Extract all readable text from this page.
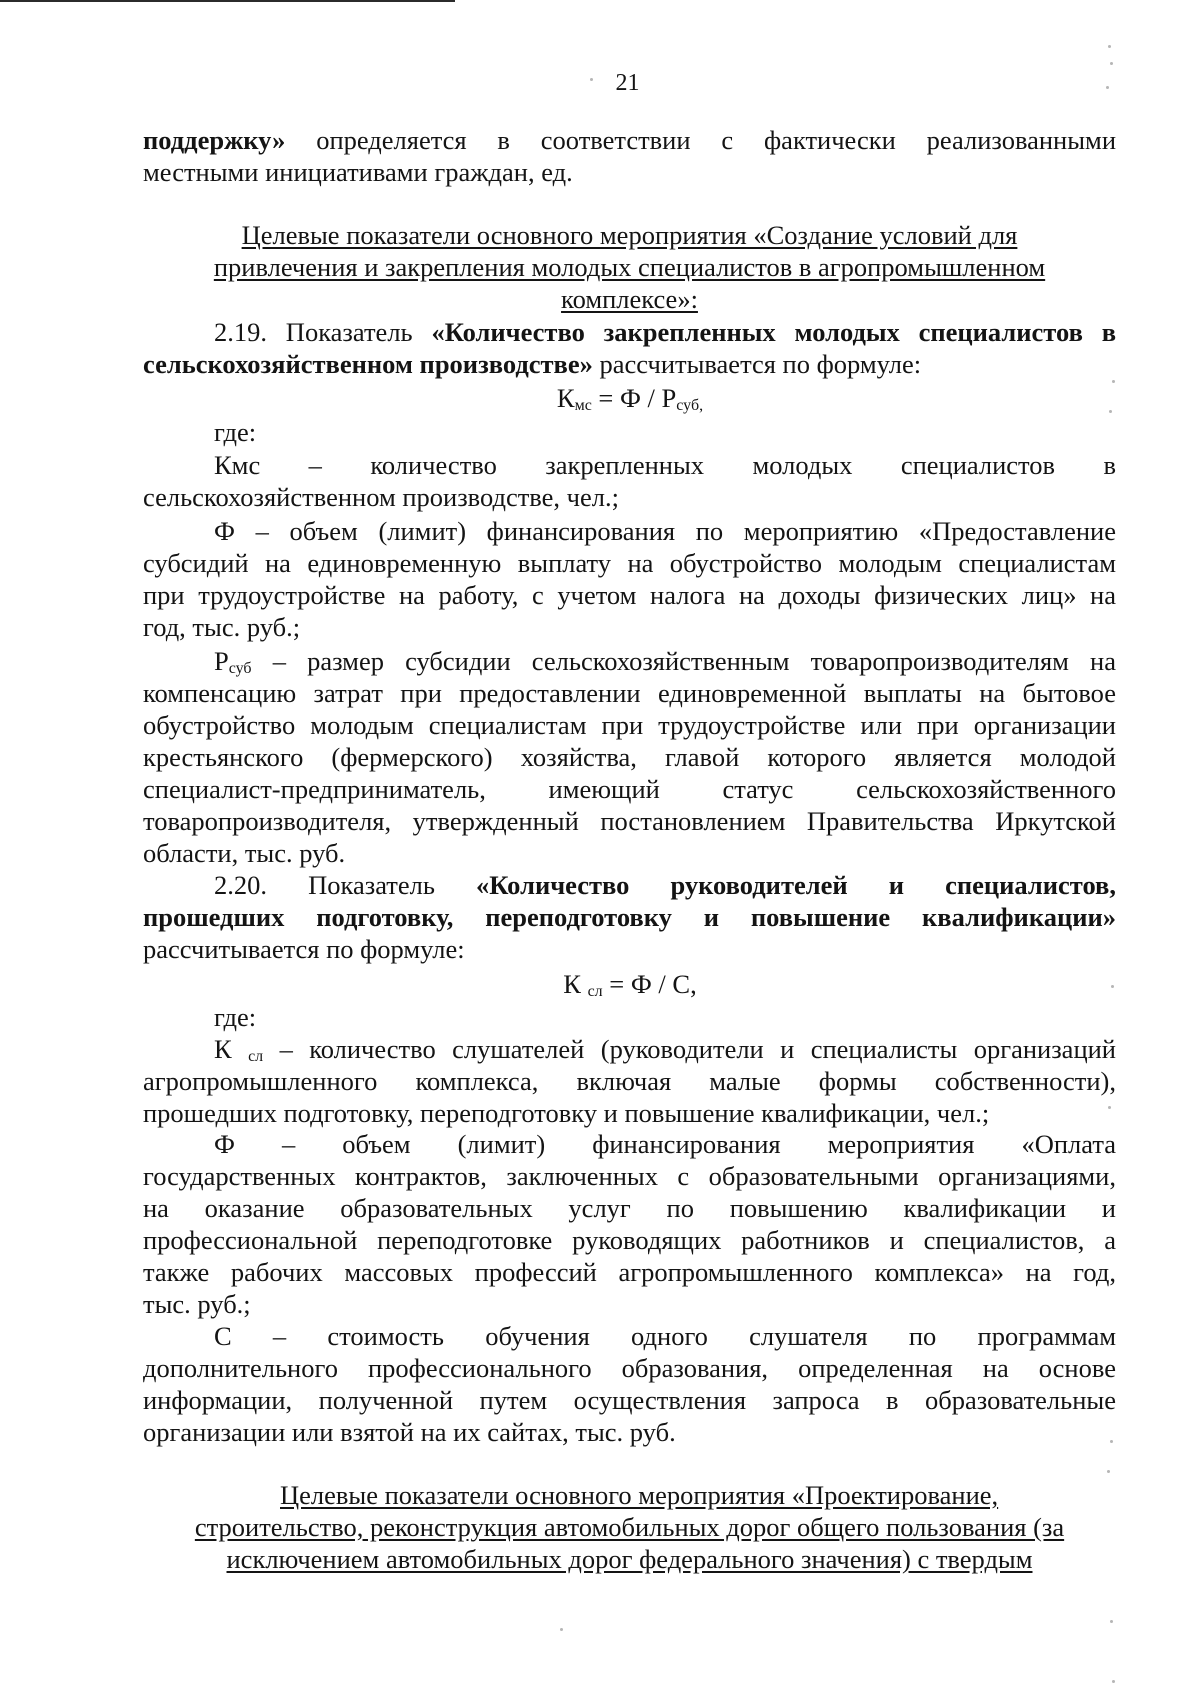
21
поддержку» определяется в соответствии с фактически реализованными
местными инициативами граждан, ед.
Целевые показатели основного мероприятия «Создание условий для
привлечения и закрепления молодых специалистов в агропромышленном
комплексе»:
2.19. Показатель «Количество закрепленных молодых специалистов в
сельскохозяйственном производстве» рассчитывается по формуле:
$К_{мс} = Ф / Р_{суб,}$
где:
Кмс – количество закрепленных молодых специалистов в
сельскохозяйственном производстве, чел.;
Ф – объем (лимит) финансирования по мероприятию «Предоставление
субсидий на единовременную выплату на обустройство молодым специалистам
при трудоустройстве на работу, с учетом налога на доходы физических лиц» на
год, тыс. руб.;
$Р_{суб}$ – размер субсидии сельскохозяйственным товаропроизводителям на
компенсацию затрат при предоставлении единовременной выплаты на бытовое
обустройство молодым специалистам при трудоустройстве или при организации
крестьянского (фермерского) хозяйства, главой которого является молодой
специалист-предприниматель, имеющий статус сельскохозяйственного
товаропроизводителя, утвержденный постановлением Правительства Иркутской
области, тыс. руб.
2.20. Показатель «Количество руководителей и специалистов,
прошедших подготовку, переподготовку и повышение квалификации»
рассчитывается по формуле:
К $_{сл}$ = Ф / С,
где:
К $_{сл}$ – количество слушателей (руководители и специалисты организаций
агропромышленного комплекса, включая малые формы собственности),
прошедших подготовку, переподготовку и повышение квалификации, чел.;
Ф – объем (лимит) финансирования мероприятия «Оплата
государственных контрактов, заключенных с образовательными организациями,
на оказание образовательных услуг по повышению квалификации и
профессиональной переподготовке руководящих работников и специалистов, а
также рабочих массовых профессий агропромышленного комплекса» на год,
тыс. руб.;
С – стоимость обучения одного слушателя по программам
дополнительного профессионального образования, определенная на основе
информации, полученной путем осуществления запроса в образовательные
организации или взятой на их сайтах, тыс. руб.
Целевые показатели основного мероприятия «Проектирование,
строительство, реконструкция автомобильных дорог общего пользования (за
исключением автомобильных дорог федерального значения) с твердым
